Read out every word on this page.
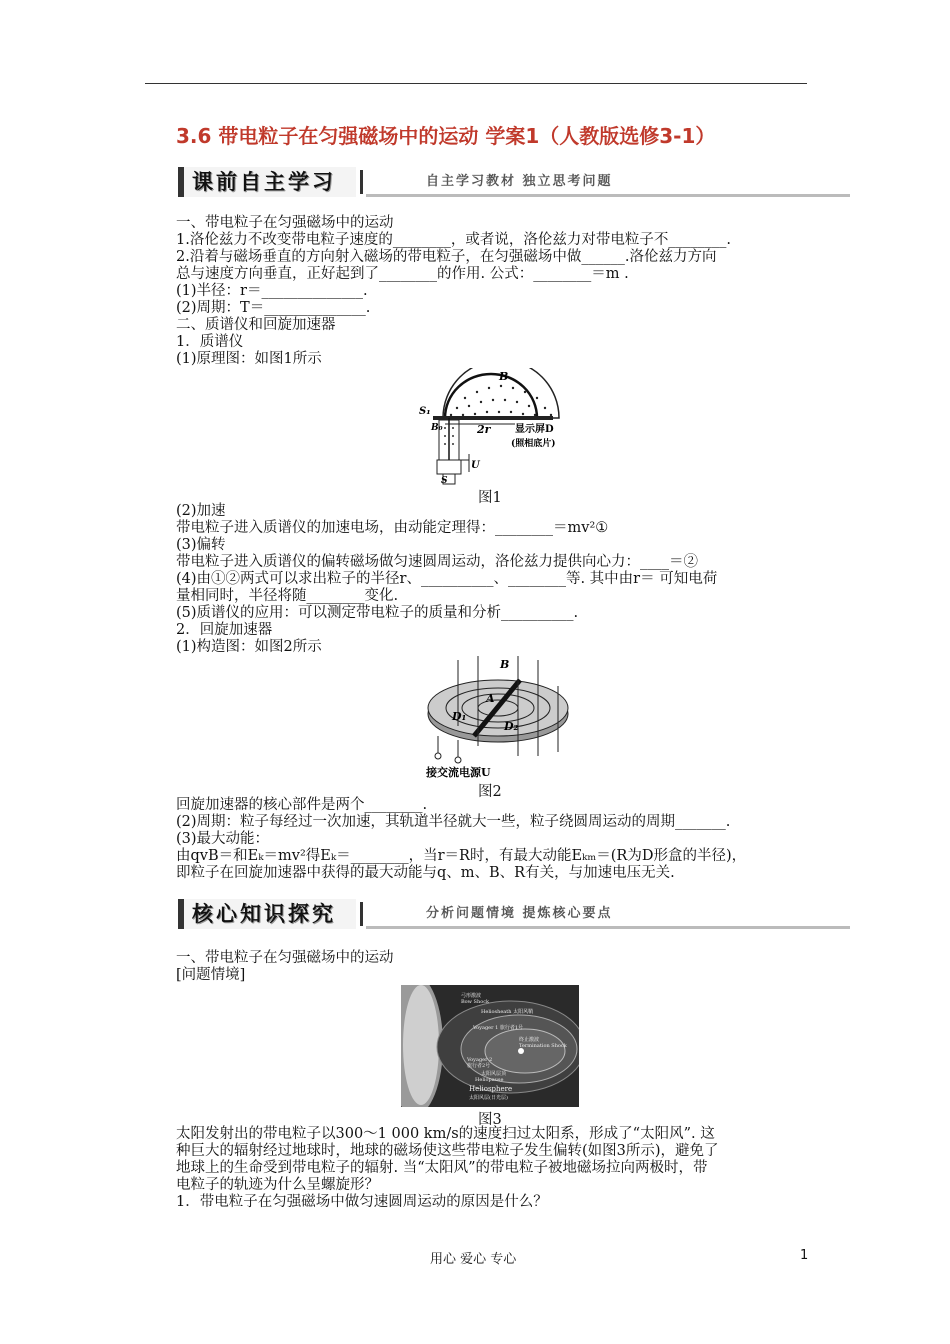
3.6 带电粒子在匀强磁场中的运动 学案1（人教版选修3-1）
课前自主学习	自主学习教材 独立思考问题

一、带电粒子在匀强磁场中的运动

1.洛伦兹力不改变带电粒子速度的________，或者说，洛伦兹力对带电粒子不________.

2.沿着与磁场垂直的方向射入磁场的带电粒子，在匀强磁场中做______.洛伦兹力方向

总与速度方向垂直，正好起到了________的作用. 公式：________＝m .

(1)半径：r＝______________.

(2)周期：T＝______________.

二、质谱仪和回旋加速器

1．质谱仪

(1)原理图：如图1所示

S₁
B
B₀	2r 显示屏D
(照相底片)
U
S
图1

(2)加速

带电粒子进入质谱仪的加速电场，由动能定理得：________＝mv²①

(3)偏转

带电粒子进入质谱仪的偏转磁场做匀速圆周运动，洛伦兹力提供向心力：____＝②

(4)由①②两式可以求出粒子的半径r、__________、________等. 其中由r＝ 可知电荷

量相同时，半径将随________变化.

(5)质谱仪的应用：可以测定带电粒子的质量和分析__________.

2．回旋加速器

(1)构造图：如图2所示

B
A
D₁
D₂
接交流电源U
图2

回旋加速器的核心部件是两个________.

(2)周期：粒子每经过一次加速，其轨道半径就大一些，粒子绕圆周运动的周期_______.

(3)最大动能：

由qvB＝和Eₖ＝mv²得Eₖ＝________，当r＝R时，有最大动能Eₖₘ＝(R为D形盒的半径)，

即粒子在回旋加速器中获得的最大动能与q、m、B、R有关，与加速电压无关.

核心知识探究	分析问题情境 提炼核心要点

一、带电粒子在匀强磁场中的运动

[问题情境]

弓形激波
Bow Shock
Heliosheath 太阳风鞘
Voyager 1 旅行者1号
终止激波
Termination Shock
Voyager 2
旅行者2号
太阳风层顶
Heliopause
Heliosphere
太阳风层(日光层)
图3

太阳发射出的带电粒子以300～1 000 km/s的速度扫过太阳系，形成了“太阳风”. 这

种巨大的辐射经过地球时，地球的磁场使这些带电粒子发生偏转(如图3所示)，避免了

地球上的生命受到带电粒子的辐射. 当“太阳风”的带电粒子被地磁场拉向两极时，带

电粒子的轨迹为什么呈螺旋形？

1．带电粒子在匀强磁场中做匀速圆周运动的原因是什么？

用心 爱心 专心	1
